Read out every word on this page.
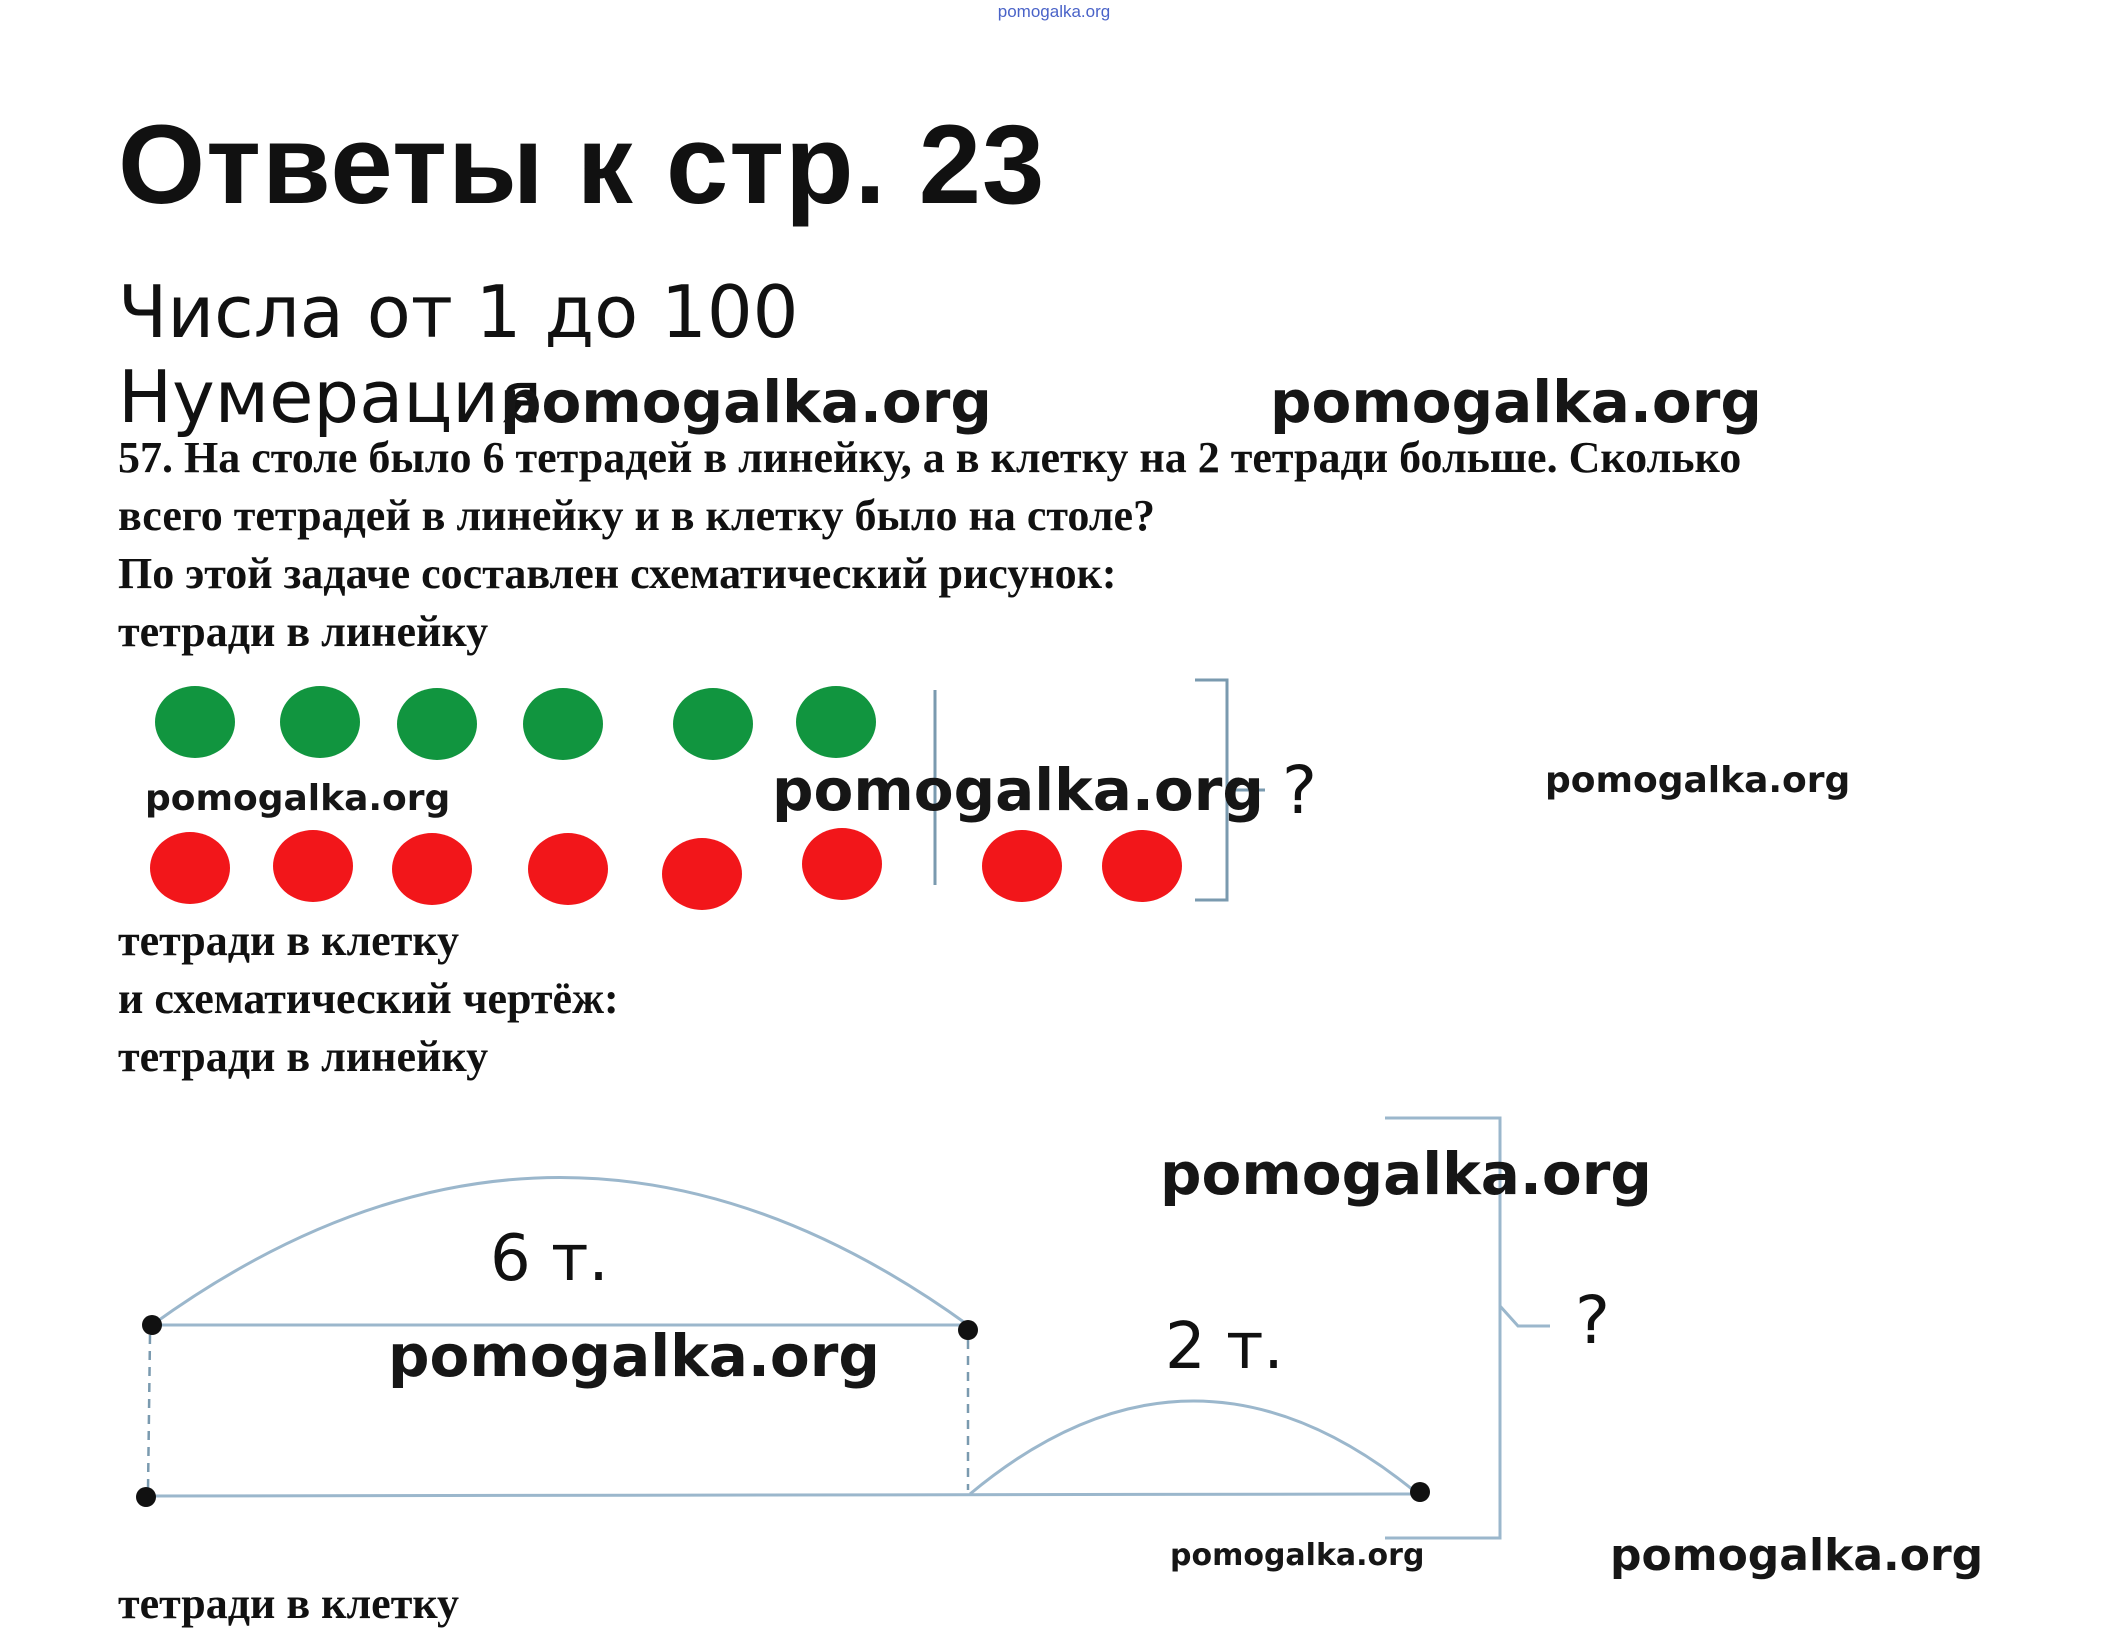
pomogalka.org
Ответы к стр. 23
Числа от 1 до 100
Нумерация
57. На столе было 6 тетрадей в линейку, а в клетку на 2 тетради больше. Сколько
всего тетрадей в линейку и в клетку было на столе?
По этой задаче составлен схематический рисунок:
тетради в линейку
?
тетради в клетку
и схематический чертёж:
тетради в линейку
6 т.
2 т.	?
тетради в клетку
pomogalka.org	pomogalka.org
pomogalka.org	pomogalka.org	pomogalka.org
pomogalka.org
pomogalka.org
pomogalka.org	pomogalka.org
